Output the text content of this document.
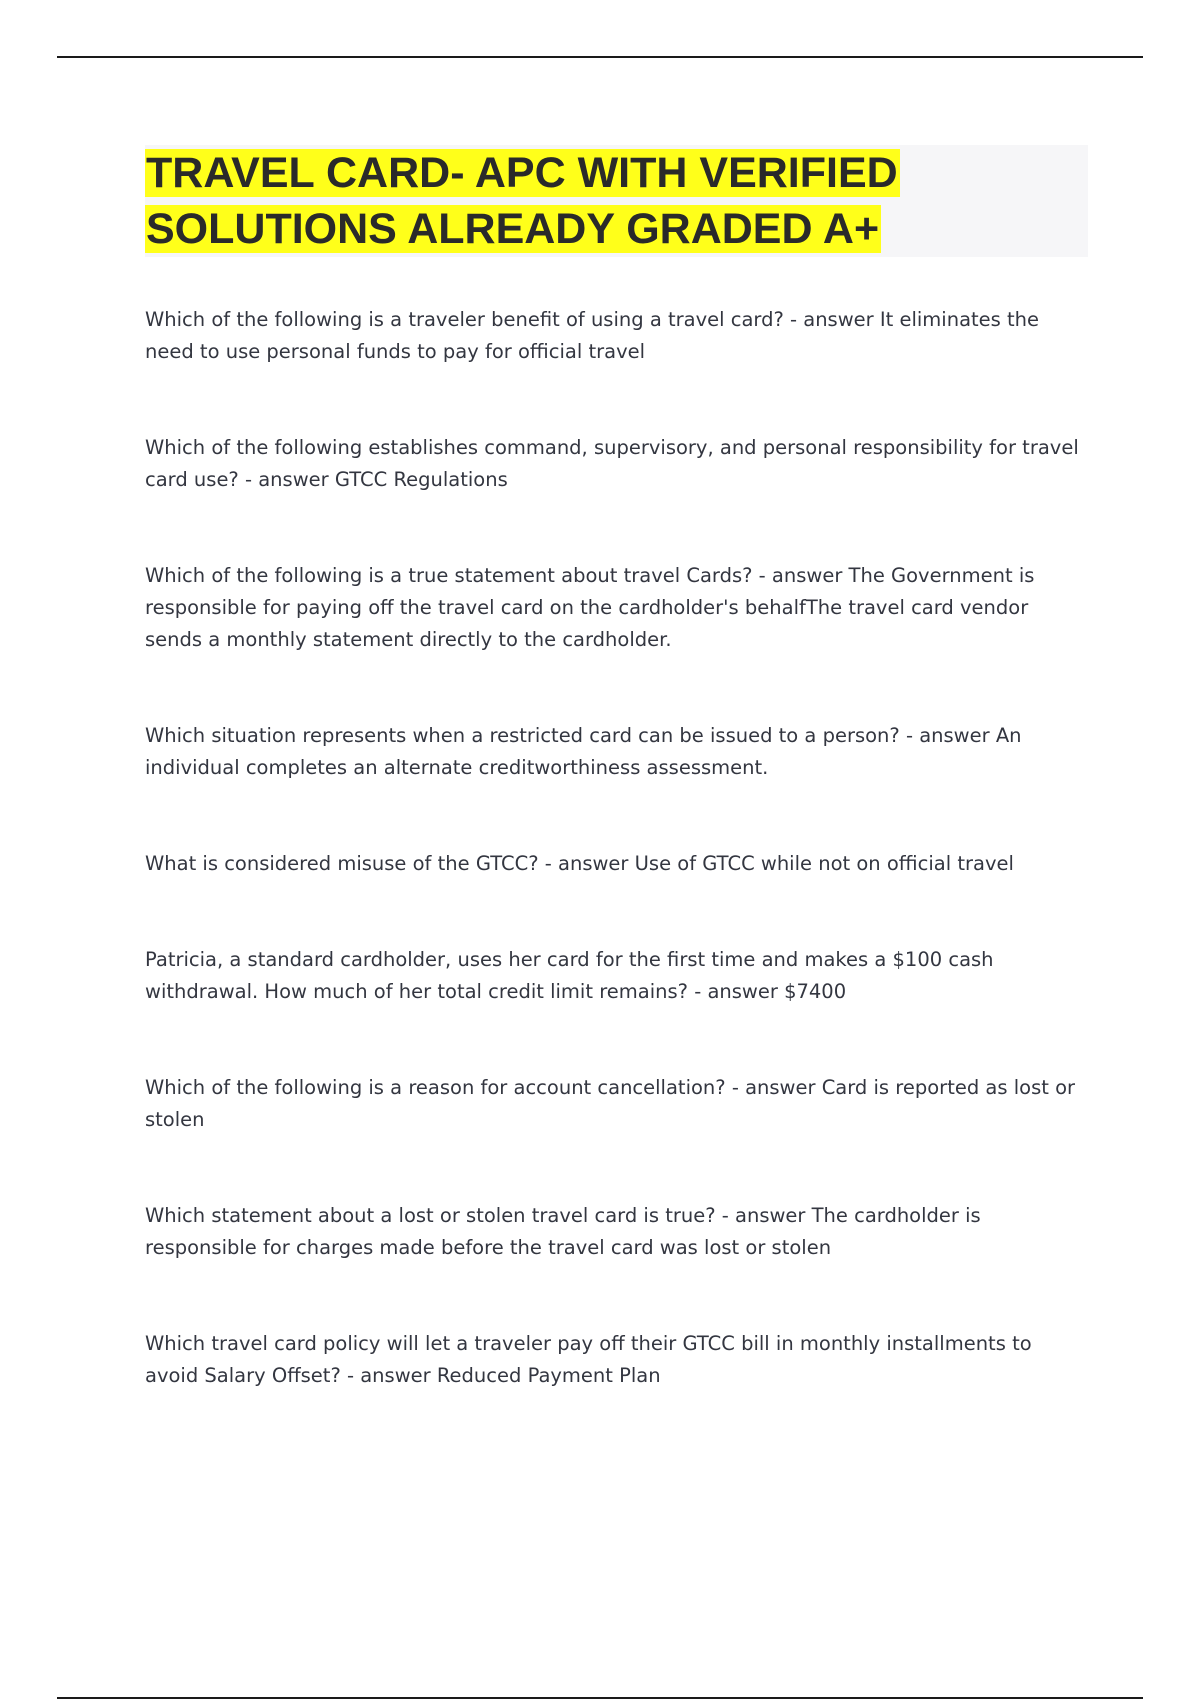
TRAVEL CARD- APC WITH VERIFIED SOLUTIONS ALREADY GRADED A+

Which of the following is a traveler benefit of using a travel card? - answer It eliminates the need to use personal funds to pay for official travel

Which of the following establishes command, supervisory, and personal responsibility for travel card use? - answer GTCC Regulations

Which of the following is a true statement about travel Cards? - answer The Government is responsible for paying off the travel card on the cardholder's behalfThe travel card vendor sends a monthly statement directly to the cardholder.

Which situation represents when a restricted card can be issued to a person? - answer An individual completes an alternate creditworthiness assessment.

What is considered misuse of the GTCC? - answer Use of GTCC while not on official travel

Patricia, a standard cardholder, uses her card for the first time and makes a $100 cash withdrawal. How much of her total credit limit remains? - answer $7400

Which of the following is a reason for account cancellation? - answer Card is reported as lost or stolen

Which statement about a lost or stolen travel card is true? - answer The cardholder is responsible for charges made before the travel card was lost or stolen

Which travel card policy will let a traveler pay off their GTCC bill in monthly installments to avoid Salary Offset? - answer Reduced Payment Plan
